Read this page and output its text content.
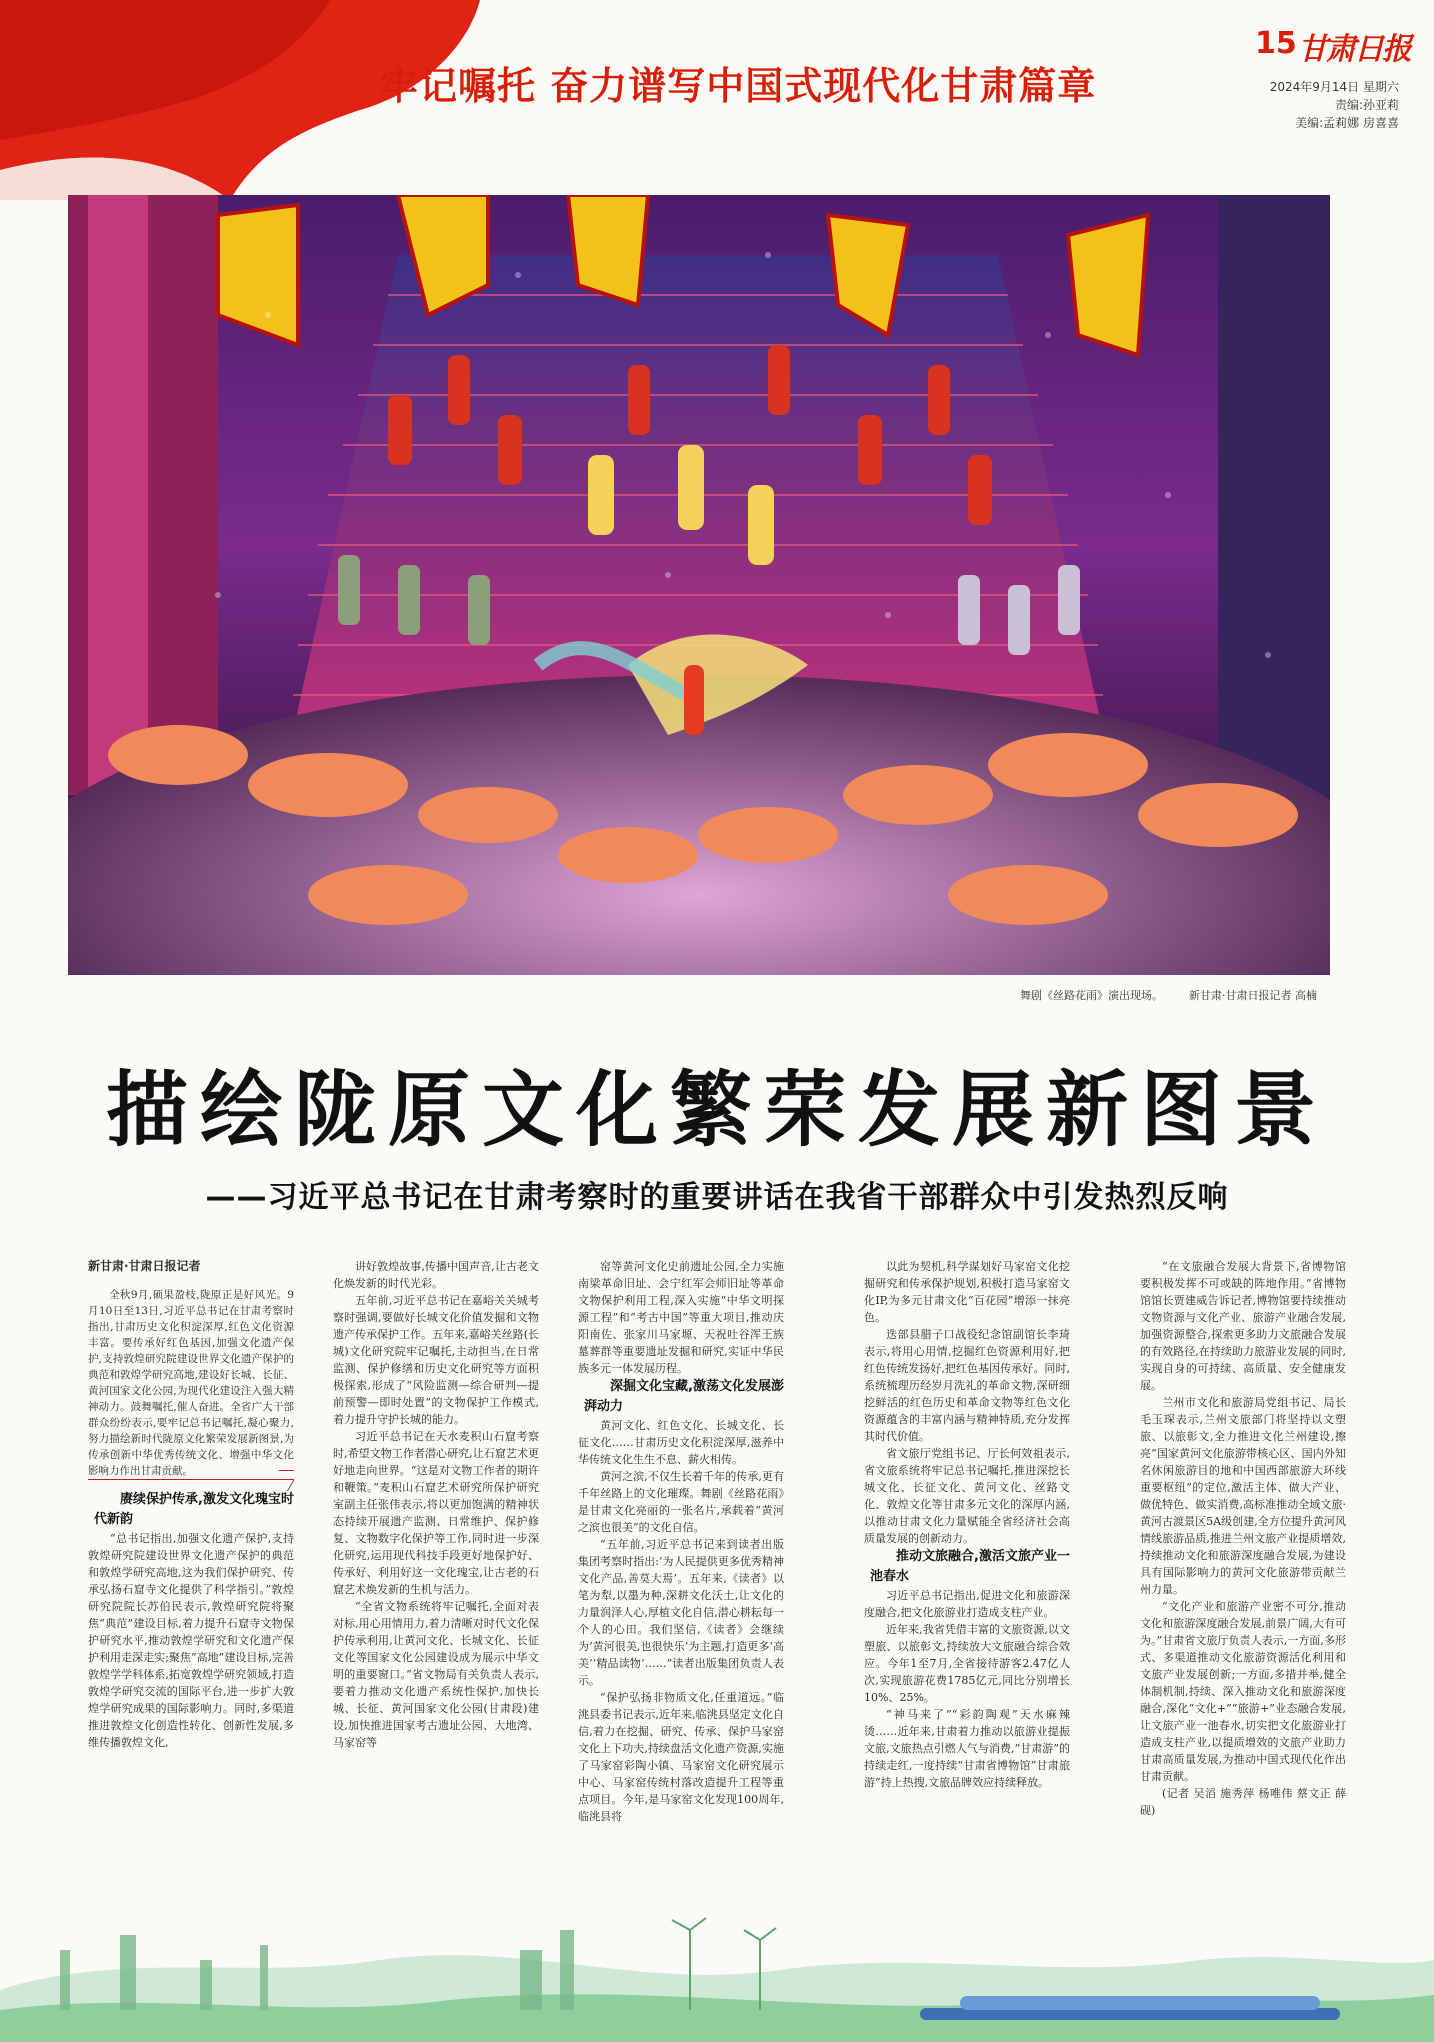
牢记嘱托 奋力谱写中国式现代化甘肃篇章
15 甘肃日报
2024年9月14日 星期六
责编:孙亚莉
美编:孟莉娜 房喜喜
舞剧《丝路花雨》演出现场。 新甘肃·甘肃日报记者 高楠
描绘陇原文化繁荣发展新图景
——习近平总书记在甘肃考察时的重要讲话在我省干部群众中引发热烈反响

新甘肃·甘肃日报记者

全秋9月,硕果盈枝,陇原正是好风光。9月10日至13日,习近平总书记在甘肃考察时指出,甘肃历史文化积淀深厚,红色文化资源丰富。要传承好红色基因,加强文化遗产保护,支持敦煌研究院建设世界文化遗产保护的典范和敦煌学研究高地,建设好长城、长征、黄河国家文化公园,为现代化建设注入强大精神动力。鼓舞嘱托,催人奋进。全省广大干部群众纷纷表示,要牢记总书记嘱托,凝心聚力,努力描绘新时代陇原文化繁荣发展新图景,为传承创新中华优秀传统文化、增强中华文化影响力作出甘肃贡献。

赓续保护传承,激发文化瑰宝时代新韵

“总书记指出,加强文化遗产保护,支持敦煌研究院建设世界文化遗产保护的典范和敦煌学研究高地,这为我们保护研究、传承弘扬石窟寺文化提供了科学指引。”敦煌研究院院长苏伯民表示,敦煌研究院将聚焦“典范”建设目标,着力提升石窟寺文物保护研究水平,推动敦煌学研究和文化遗产保护利用走深走实;聚焦“高地”建设目标,完善敦煌学学科体系,拓宽敦煌学研究领域,打造敦煌学研究交流的国际平台,进一步扩大敦煌学研究成果的国际影响力。同时,多渠道推进敦煌文化创造性转化、创新性发展,多维传播敦煌文化,

讲好敦煌故事,传播中国声音,让古老文化焕发新的时代光彩。

五年前,习近平总书记在嘉峪关关城考察时强调,要做好长城文化价值发掘和文物遗产传承保护工作。五年来,嘉峪关丝路(长城)文化研究院牢记嘱托,主动担当,在日常监测、保护修缮和历史文化研究等方面积极探索,形成了“风险监测—综合研判—提前预警—即时处置”的文物保护工作模式,着力提升守护长城的能力。

习近平总书记在天水麦积山石窟考察时,希望文物工作者潜心研究,让石窟艺术更好地走向世界。“这是对文物工作者的期许和鞭策。”麦积山石窟艺术研究所保护研究室副主任张伟表示,将以更加饱满的精神状态持续开展遗产监测、日常维护、保护修复、文物数字化保护等工作,同时进一步深化研究,运用现代科技手段更好地保护好、传承好、利用好这一文化瑰宝,让古老的石窟艺术焕发新的生机与活力。

“全省文物系统将牢记嘱托,全面对表对标,用心用情用力,着力清晰对时代文化保护传承利用,让黄河文化、长城文化、长征文化等国家文化公园建设成为展示中华文明的重要窗口。”省文物局有关负责人表示,要着力推动文化遗产系统性保护,加快长城、长征、黄河国家文化公园(甘肃段)建设,加快推进国家考古遗址公园、大地湾、马家窑等

窑等黄河文化史前遗址公园,全力实施南梁革命旧址、会宁红军会师旧址等革命文物保护利用工程,深入实施“中华文明探源工程”和“考古中国”等重大项目,推动庆阳南佐、张家川马家塬、天祝吐谷浑王族墓葬群等重要遗址发掘和研究,实证中华民族多元一体发展历程。

深掘文化宝藏,激荡文化发展澎湃动力

黄河文化、红色文化、长城文化、长征文化……甘肃历史文化积淀深厚,滋养中华传统文化生生不息、薪火相传。

黄河之滨,不仅生长着千年的传承,更有千年丝路上的文化璀璨。舞剧《丝路花雨》是甘肃文化亮丽的一张名片,承载着“黄河之滨也很美”的文化自信。

“五年前,习近平总书记来到读者出版集团考察时指出:‘为人民提供更多优秀精神文化产品,善莫大焉’。五年来,《读者》以笔为犁,以墨为种,深耕文化沃土,让文化的力量润泽人心,厚植文化自信,潜心耕耘每一个人的心田。我们坚信,《读者》会继续为‘黄河很美,也很快乐’为主题,打造更多‘高美’‘精品读物’……”读者出版集团负责人表示。

“保护弘扬非物质文化,任重道远。”临洮县委书记表示,近年来,临洮县坚定文化自信,着力在挖掘、研究、传承、保护马家窑文化上下功夫,持续盘活文化遗产资源,实施了马家窑彩陶小镇、马家窑文化研究展示中心、马家窑传统村落改造提升工程等重点项目。今年,是马家窑文化发现100周年,临洮县将

以此为契机,科学谋划好马家窑文化挖掘研究和传承保护规划,积极打造马家窑文化IP,为多元甘肃文化“百花园”增添一抹亮色。

迭部县腊子口战役纪念馆副馆长李琦表示,将用心用情,挖掘红色资源利用好,把红色传统发扬好,把红色基因传承好。同时,系统梳理历经岁月洗礼的革命文物,深研细挖鲜活的红色历史和革命文物等红色文化资源蕴含的丰富内涵与精神特质,充分发挥其时代价值。

省文旅厅党组书记、厅长何效祖表示,省文旅系统将牢记总书记嘱托,推进深挖长城文化、长征文化、黄河文化、丝路文化、敦煌文化等甘肃多元文化的深厚内涵,以推动甘肃文化力量赋能全省经济社会高质量发展的创新动力。

推动文旅融合,激活文旅产业一池春水

习近平总书记指出,促进文化和旅游深度融合,把文化旅游业打造成支柱产业。

近年来,我省凭借丰富的文旅资源,以文塑旅、以旅彰文,持续放大文旅融合综合效应。今年1至7月,全省接待游客2.47亿人次,实现旅游花费1785亿元,同比分别增长10%、25%。

“神马来了”“彩韵陶观”天水麻辣烫……近年来,甘肃着力推动以旅游业提振文旅,文旅热点引燃人气与消费,“甘肃游”的持续走红,一度持续“甘肃省博物馆”甘肃旅游“持上热搜,文旅品牌效应持续释放。

“在文旅融合发展大背景下,省博物馆要积极发挥不可或缺的阵地作用。”省博物馆馆长贾建威告诉记者,博物馆要持续推动文物资源与文化产业、旅游产业融合发展,加强资源整合,探索更多助力文旅融合发展的有效路径,在持续助力旅游业发展的同时,实现自身的可持续、高质量、安全健康发展。

兰州市文化和旅游局党组书记、局长毛玉琛表示,兰州文旅部门将坚持以文塑旅、以旅彰文,全力推进文化兰州建设,擦亮“国家黄河文化旅游带核心区、国内外知名休闲旅游目的地和中国西部旅游大环线重要枢纽”的定位,激活主体、做大产业、做优特色、做实消费,高标准推动全域文旅·黄河古渡景区5A级创建,全方位提升黄河风情线旅游品质,推进兰州文旅产业提质增效,持续推动文化和旅游深度融合发展,为建设具有国际影响力的黄河文化旅游带贡献兰州力量。

“文化产业和旅游产业密不可分,推动文化和旅游深度融合发展,前景广阔,大有可为。”甘肃省文旅厅负责人表示,一方面,多形式、多渠道推动文化旅游资源活化利用和文旅产业发展创新;一方面,多措并举,健全体制机制,持续、深入推动文化和旅游深度融合,深化“文化+”“旅游+”业态融合发展,让文旅产业一池春水,切实把文化旅游业打造成支柱产业,以提质增效的文旅产业助力甘肃高质量发展,为推动中国式现代化作出甘肃贡献。

(记者 吴滔 施秀萍 杨唯伟 蔡文正 薛砚)
